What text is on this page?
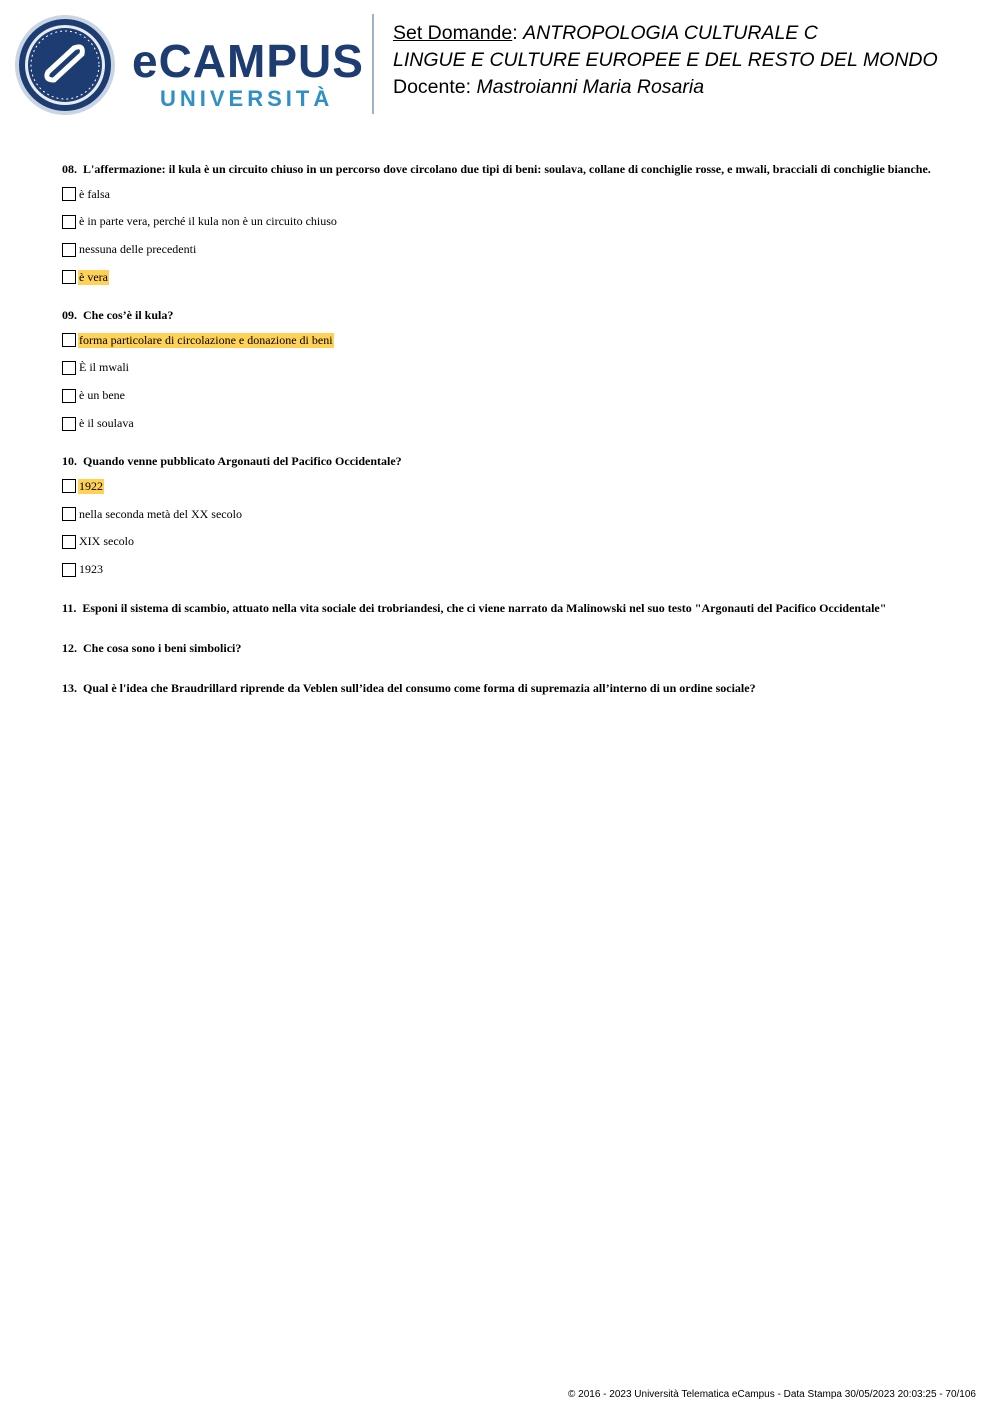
eCAMPUS
UNIVERSITÀ
Set Domande: ANTROPOLOGIA CULTURALE C
LINGUE E CULTURE EUROPEE E DEL RESTO DEL MONDO
Docente: Mastroianni Maria Rosaria

08. L'affermazione: il kula è un circuito chiuso in un percorso dove circolano due tipi di beni: soulava, collane di conchiglie rosse, e mwali, bracciali di conchiglie bianche.

è falsa
è in parte vera, perché il kula non è un circuito chiuso
nessuna delle precedenti
è vera

09. Che cos’è il kula?

forma particolare di circolazione e donazione di beni
È il mwali
è un bene
è il soulava

10. Quando venne pubblicato Argonauti del Pacifico Occidentale?

1922
nella seconda metà del XX secolo
XIX secolo
1923

11. Esponi il sistema di scambio, attuato nella vita sociale dei trobriandesi, che ci viene narrato da Malinowski nel suo testo "Argonauti del Pacifico Occidentale"

12. Che cosa sono i beni simbolici?

13. Qual è l'idea che Braudrillard riprende da Veblen sull’idea del consumo come forma di supremazia all’interno di un ordine sociale?

© 2016 - 2023 Università Telematica eCampus - Data Stampa 30/05/2023 20:03:25 - 70/106
